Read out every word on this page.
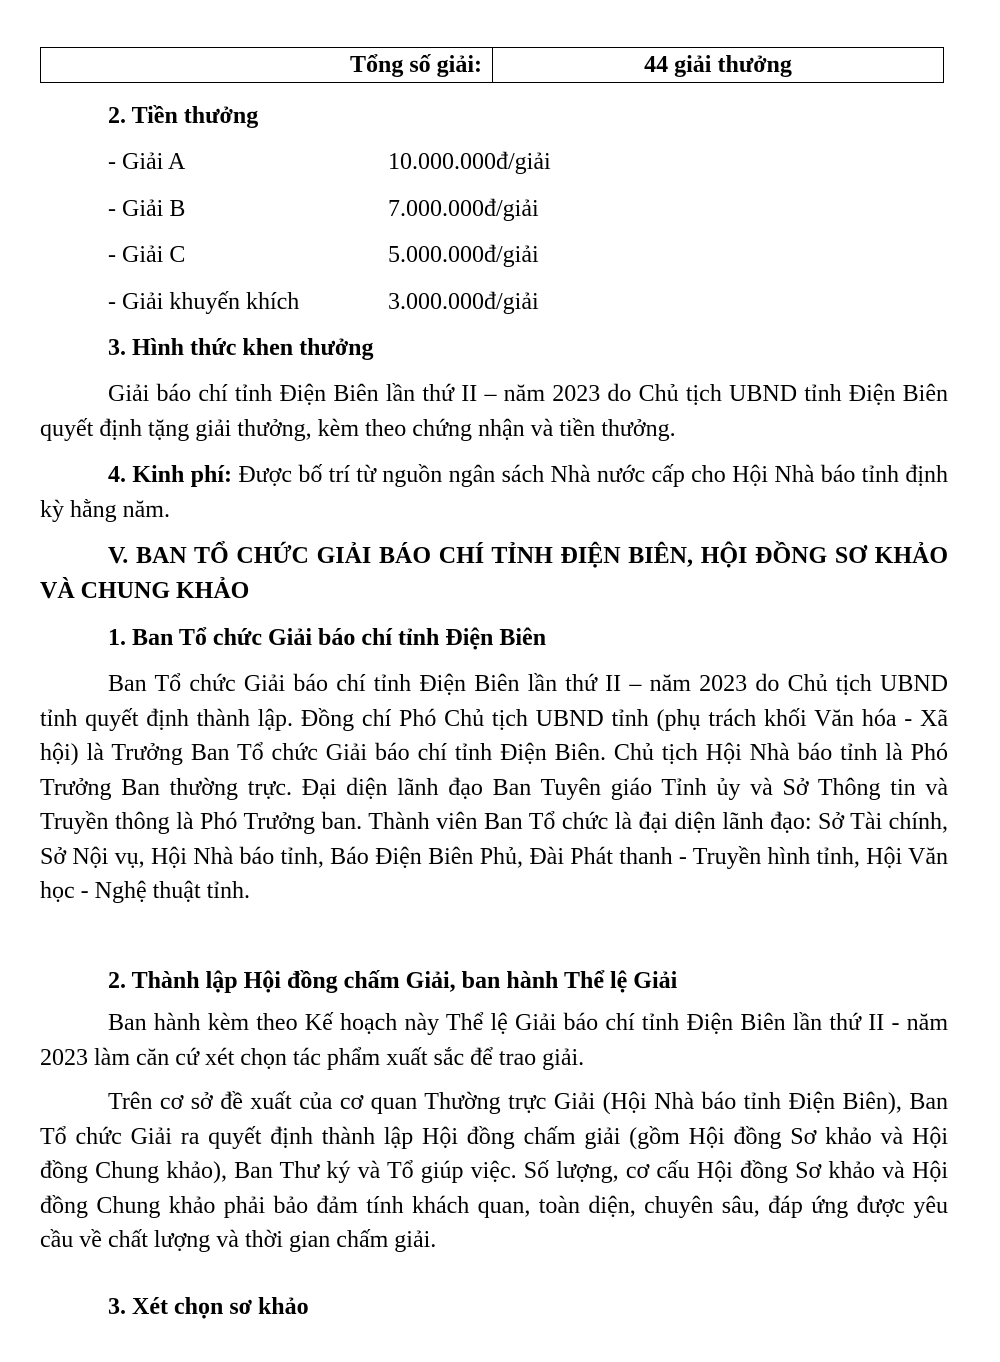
Tổng số giải:	44 giải thưởng
2. Tiền thưởng
- Giải A	10.000.000đ/giải
- Giải B	7.000.000đ/giải
- Giải C	5.000.000đ/giải
- Giải khuyến khích	3.000.000đ/giải
3. Hình thức khen thưởng

Giải báo chí tỉnh Điện Biên lần thứ II – năm 2023 do Chủ tịch UBND tỉnh Điện Biên quyết định tặng giải thưởng, kèm theo chứng nhận và tiền thưởng.

4. Kinh phí: Được bố trí từ nguồn ngân sách Nhà nước cấp cho Hội Nhà báo tỉnh định kỳ hằng năm.

V. BAN TỔ CHỨC GIẢI BÁO CHÍ TỈNH ĐIỆN BIÊN, HỘI ĐỒNG SƠ KHẢO VÀ CHUNG KHẢO

1. Ban Tổ chức Giải báo chí tỉnh Điện Biên

Ban Tổ chức Giải báo chí tỉnh Điện Biên lần thứ II – năm 2023 do Chủ tịch UBND tỉnh quyết định thành lập. Đồng chí Phó Chủ tịch UBND tỉnh (phụ trách khối Văn hóa - Xã hội) là Trưởng Ban Tổ chức Giải báo chí tỉnh Điện Biên. Chủ tịch Hội Nhà báo tỉnh là Phó Trưởng Ban thường trực. Đại diện lãnh đạo Ban Tuyên giáo Tỉnh ủy và Sở Thông tin và Truyền thông là Phó Trưởng ban. Thành viên Ban Tổ chức là đại diện lãnh đạo: Sở Tài chính, Sở Nội vụ, Hội Nhà báo tỉnh, Báo Điện Biên Phủ, Đài Phát thanh - Truyền hình tỉnh, Hội Văn học - Nghệ thuật tỉnh.

2. Thành lập Hội đồng chấm Giải, ban hành Thể lệ Giải

Ban hành kèm theo Kế hoạch này Thể lệ Giải báo chí tỉnh Điện Biên lần thứ II - năm 2023 làm căn cứ xét chọn tác phẩm xuất sắc để trao giải.

Trên cơ sở đề xuất của cơ quan Thường trực Giải (Hội Nhà báo tỉnh Điện Biên), Ban Tổ chức Giải ra quyết định thành lập Hội đồng chấm giải (gồm Hội đồng Sơ khảo và Hội đồng Chung khảo), Ban Thư ký và Tổ giúp việc. Số lượng, cơ cấu Hội đồng Sơ khảo và Hội đồng Chung khảo phải bảo đảm tính khách quan, toàn diện, chuyên sâu, đáp ứng được yêu cầu về chất lượng và thời gian chấm giải.

3. Xét chọn sơ khảo
